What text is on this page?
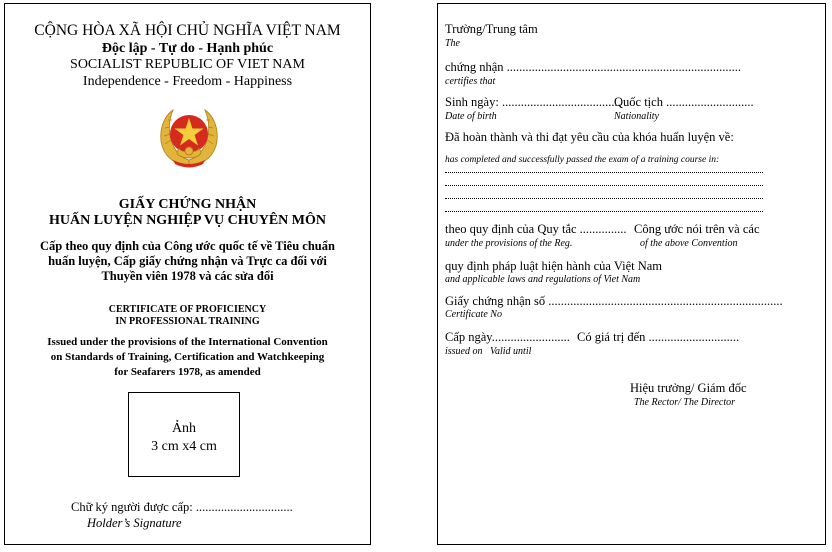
CỘNG HÒA XÃ HỘI CHỦ NGHĨA VIỆT NAM
Độc lập - Tự do - Hạnh phúc
SOCIALIST REPUBLIC OF VIET NAM
Independence - Freedom - Happiness
GIẤY CHỨNG NHẬN
HUẤN LUYỆN NGHIỆP VỤ CHUYÊN MÔN
Cấp theo quy định của Công ước quốc tế về Tiêu chuẩn
huấn luyện, Cấp giấy chứng nhận và Trực ca đối với
Thuyền viên 1978 và các sửa đổi
CERTIFICATE OF PROFICIENCY
IN PROFESSIONAL TRAINING
Issued under the provisions of the International Convention
on Standards of Training, Certification and Watchkeeping
for Seafarers 1978, as amended
Ảnh
3 cm x4 cm
Chữ ký người được cấp: ...............................
Holder’s Signature
Trường/Trung tâm
The
chứng nhận ...........................................................................
certifies that
Sinh ngày: ......................................
Quốc tịch ............................
Date of birth	Nationality
Đã hoàn thành và thi đạt yêu cầu của khóa huấn luyện về:
has completed and successfully passed the exam of a training course in:
theo quy định của Quy tắc ............... Công ước nói trên và các
under the provisions of the Reg.	of the above Convention
quy định pháp luật hiện hành của Việt Nam
and applicable laws and regulations of Viet Nam
Giấy chứng nhận số ...........................................................................
Certificate No
Cấp ngày......................... Có giá trị đến .............................
issued on Valid until
Hiệu trưởng/ Giám đốc
The Rector/ The Director
